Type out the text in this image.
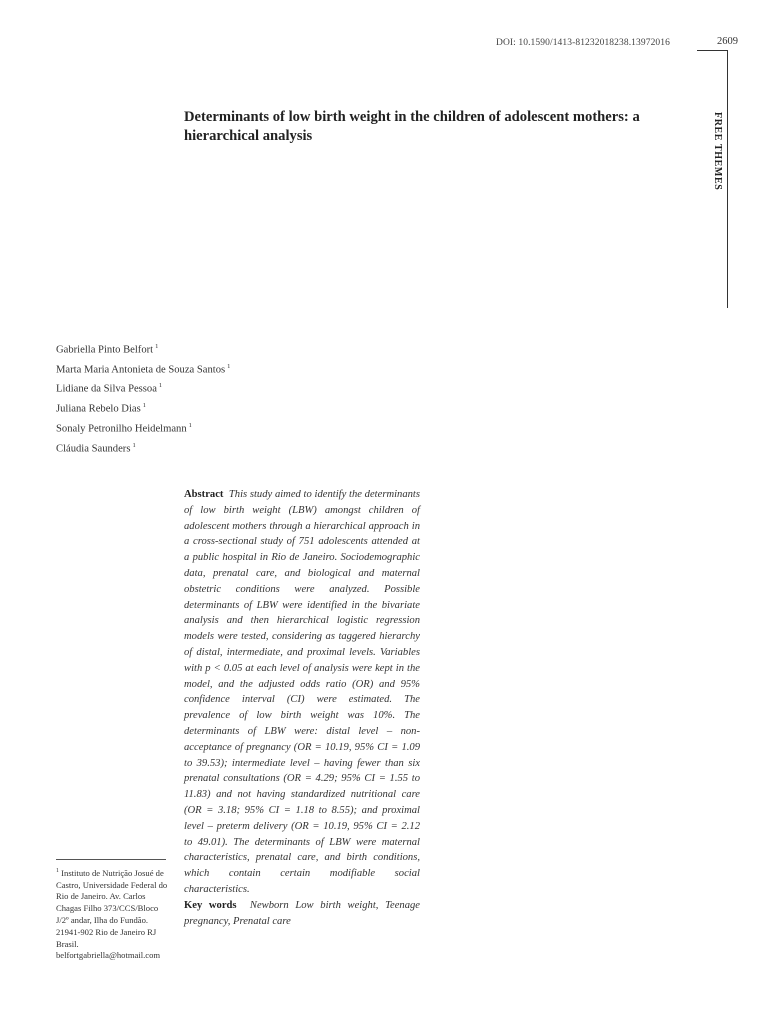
DOI: 10.1590/1413-81232018238.13972016	2609
FREE THEMES
Determinants of low birth weight in the children of adolescent mothers: a hierarchical analysis
Gabriella Pinto Belfort $^1$
Marta Maria Antonieta de Souza Santos $^1$
Lidiane da Silva Pessoa $^1$
Juliana Rebelo Dias $^1$
Sonaly Petronilho Heidelmann $^1$
Cláudia Saunders $^1$
Abstract This study aimed to identify the determinants of low birth weight (LBW) amongst children of adolescent mothers through a hierarchical approach in a cross-sectional study of 751 adolescents attended at a public hospital in Rio de Janeiro. Sociodemographic data, prenatal care, and biological and maternal obstetric conditions were analyzed. Possible determinants of LBW were identified in the bivariate analysis and then hierarchical logistic regression models were tested, considering as taggered hierarchy of distal, intermediate, and proximal levels. Variables with p < 0.05 at each level of analysis were kept in the model, and the adjusted odds ratio (OR) and 95% confidence interval (CI) were estimated. The prevalence of low birth weight was 10%. The determinants of LBW were: distal level – non-acceptance of pregnancy (OR = 10.19, 95% CI = 1.09 to 39.53); intermediate level – having fewer than six prenatal consultations (OR = 4.29; 95% CI = 1.55 to 11.83) and not having standardized nutritional care (OR = 3.18; 95% CI = 1.18 to 8.55); and proximal level – preterm delivery (OR = 10.19, 95% CI = 2.12 to 49.01). The determinants of LBW were maternal characteristics, prenatal care, and birth conditions, which contain certain modifiable social characteristics.
Key words Newborn Low birth weight, Teenage pregnancy, Prenatal care

$^1$ Instituto de Nutrição Josué de Castro, Universidade Federal do Rio de Janeiro. Av. Carlos Chagas Filho 373/CCS/Bloco J/2º andar, Ilha do Fundão. 21941-902 Rio de Janeiro RJ Brasil. belfortgabriella@hotmail.com
